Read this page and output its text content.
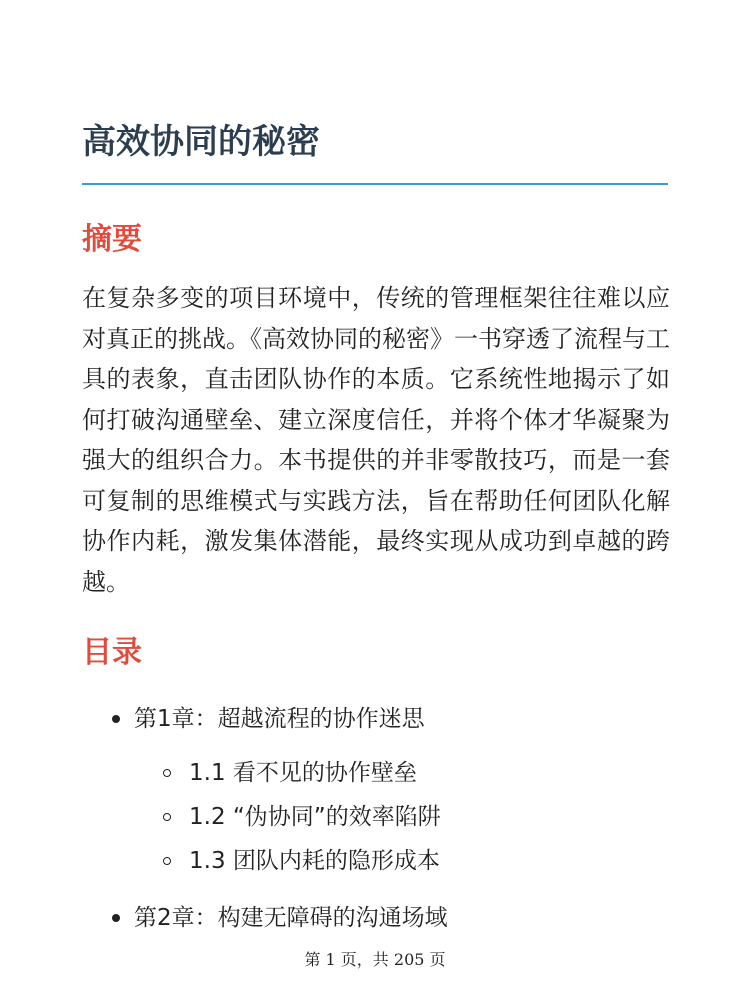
高效协同的秘密
摘要

在复杂多变的项目环境中，传统的管理框架往往难以应对真正的挑战。《高效协同的秘密》一书穿透了流程与工具的表象，直击团队协作的本质。它系统性地揭示了如何打破沟通壁垒、建立深度信任，并将个体才华凝聚为强大的组织合力。本书提供的并非零散技巧，而是一套可复制的思维模式与实践方法，旨在帮助任何团队化解协作内耗，激发集体潜能，最终实现从成功到卓越的跨越。

目录
第1章：超越流程的协作迷思
1.1 看不见的协作壁垒
1.2 “伪协同”的效率陷阱
1.3 团队内耗的隐形成本
第2章：构建无障碍的沟通场域
第 1 页，共 205 页
